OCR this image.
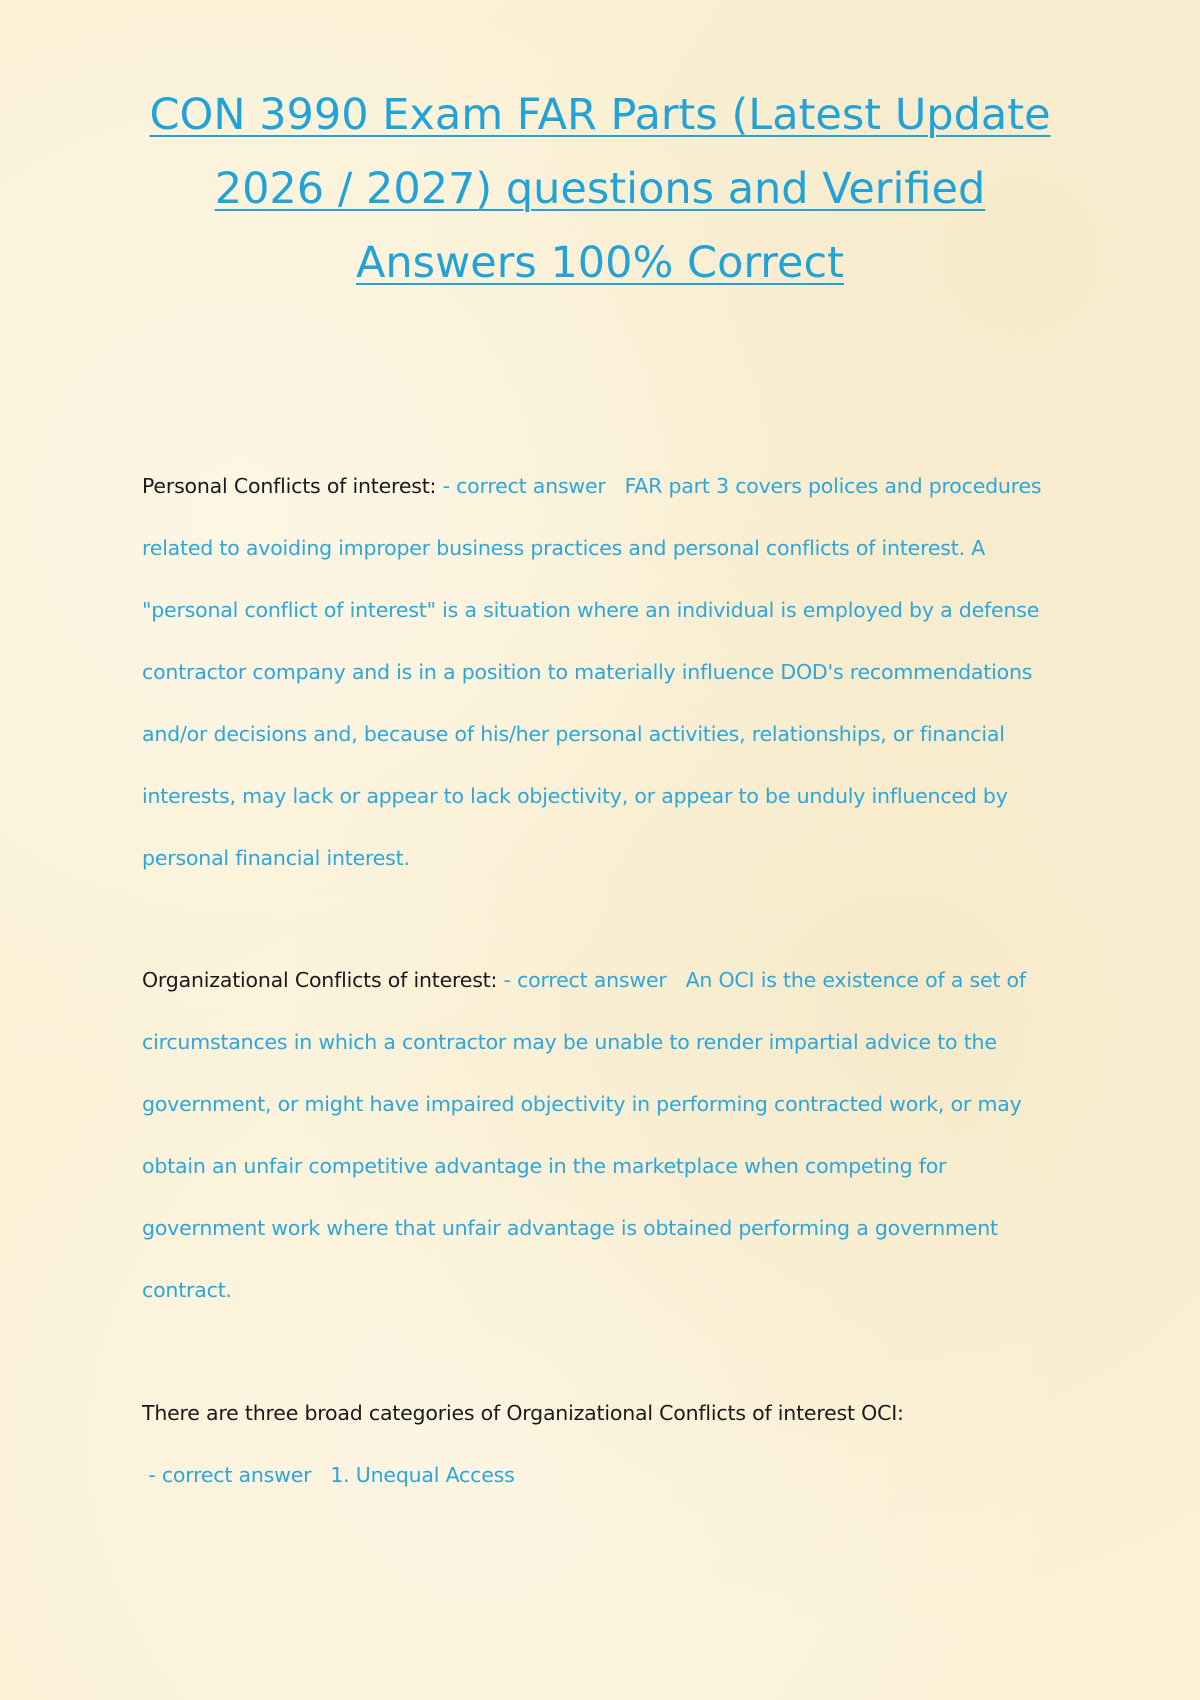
CON 3990 Exam FAR Parts (Latest Update 2026 / 2027) questions and Verified Answers 100% Correct

Personal Conflicts of interest: - correct answer   FAR part 3 covers polices and procedures related to avoiding improper business practices and personal conflicts of interest. A "personal conflict of interest" is a situation where an individual is employed by a defense contractor company and is in a position to materially influence DOD's recommendations and/or decisions and, because of his/her personal activities, relationships, or financial interests, may lack or appear to lack objectivity, or appear to be unduly influenced by personal financial interest.

Organizational Conflicts of interest: - correct answer   An OCI is the existence of a set of circumstances in which a contractor may be unable to render impartial advice to the government, or might have impaired objectivity in performing contracted work, or may obtain an unfair competitive advantage in the marketplace when competing for government work where that unfair advantage is obtained performing a government contract.

There are three broad categories of Organizational Conflicts of interest OCI: - correct answer   1. Unequal Access
